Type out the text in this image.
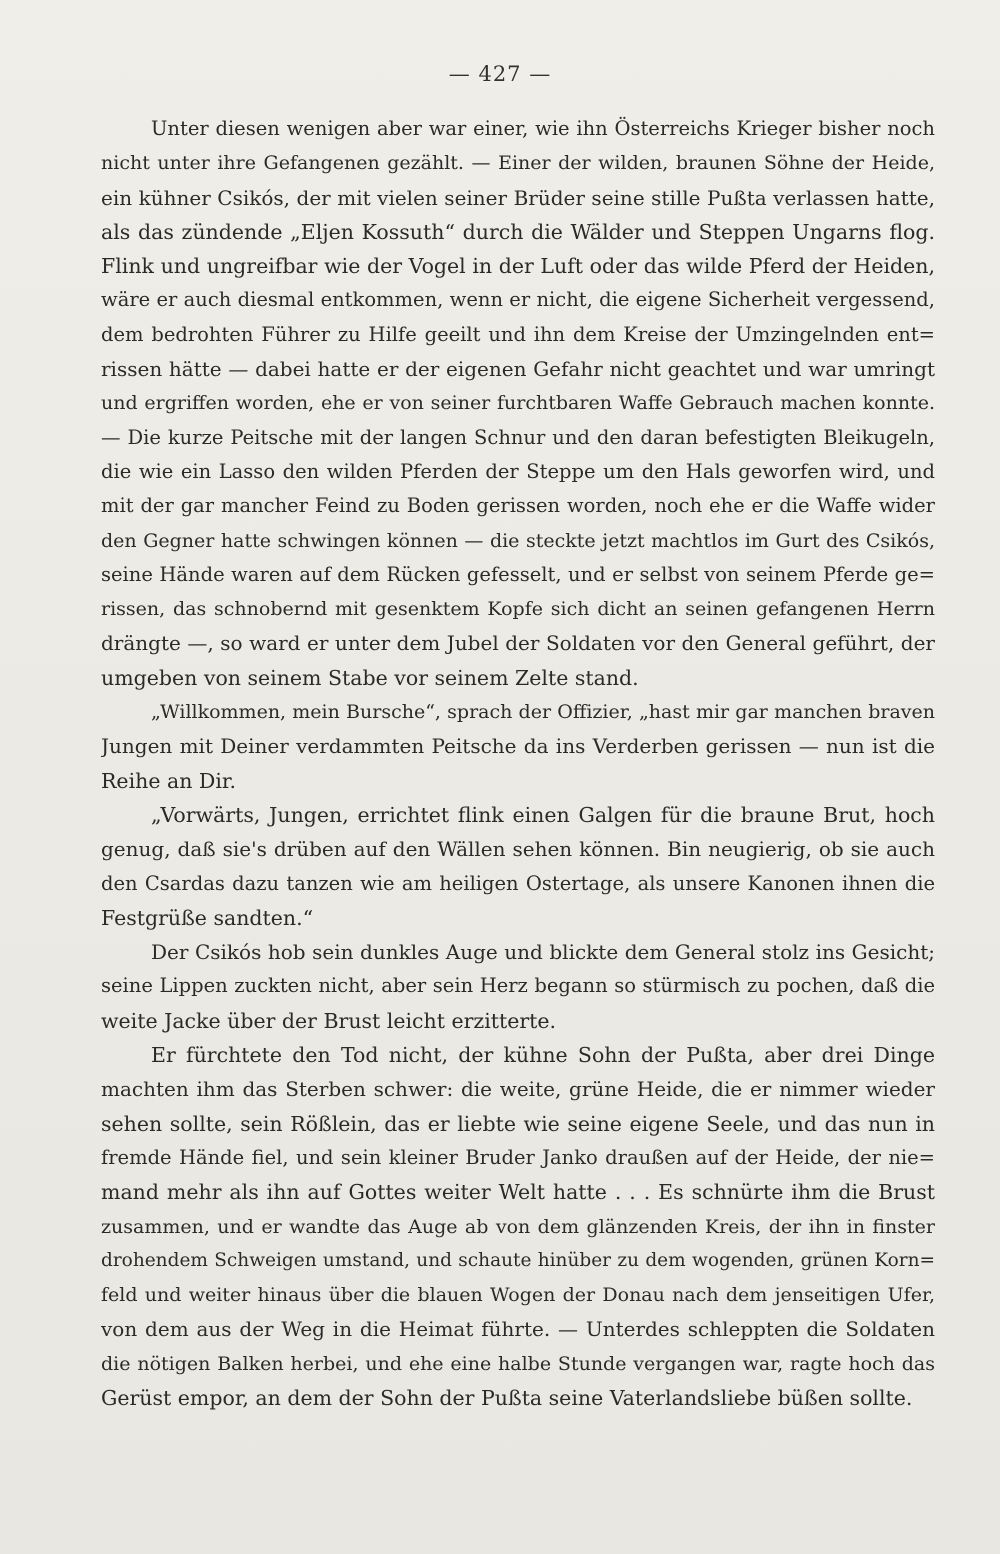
— 427 —

Unter diesen wenigen aber war einer, wie ihn Österreichs Krieger bisher noch
nicht unter ihre Gefangenen gezählt. — Einer der wilden, braunen Söhne der Heide,
ein kühner Csikós, der mit vielen seiner Brüder seine stille Pußta verlassen hatte,
als das zündende „Eljen Kossuth“ durch die Wälder und Steppen Ungarns flog.
Flink und ungreifbar wie der Vogel in der Luft oder das wilde Pferd der Heiden,
wäre er auch diesmal entkommen, wenn er nicht, die eigene Sicherheit vergessend,
dem bedrohten Führer zu Hilfe geeilt und ihn dem Kreise der Umzingelnden ent=
rissen hätte — dabei hatte er der eigenen Gefahr nicht geachtet und war umringt
und ergriffen worden, ehe er von seiner furchtbaren Waffe Gebrauch machen konnte.
— Die kurze Peitsche mit der langen Schnur und den daran befestigten Bleikugeln,
die wie ein Lasso den wilden Pferden der Steppe um den Hals geworfen wird, und
mit der gar mancher Feind zu Boden gerissen worden, noch ehe er die Waffe wider
den Gegner hatte schwingen können — die steckte jetzt machtlos im Gurt des Csikós,
seine Hände waren auf dem Rücken gefesselt, und er selbst von seinem Pferde ge=
rissen, das schnobernd mit gesenktem Kopfe sich dicht an seinen gefangenen Herrn
drängte —, so ward er unter dem Jubel der Soldaten vor den General geführt, der
umgeben von seinem Stabe vor seinem Zelte stand.

„Willkommen, mein Bursche“, sprach der Offizier, „hast mir gar manchen braven
Jungen mit Deiner verdammten Peitsche da ins Verderben gerissen — nun ist die
Reihe an Dir.

„Vorwärts, Jungen, errichtet flink einen Galgen für die braune Brut, hoch
genug, daß sie's drüben auf den Wällen sehen können. Bin neugierig, ob sie auch
den Csardas dazu tanzen wie am heiligen Ostertage, als unsere Kanonen ihnen die
Festgrüße sandten.“

Der Csikós hob sein dunkles Auge und blickte dem General stolz ins Gesicht;
seine Lippen zuckten nicht, aber sein Herz begann so stürmisch zu pochen, daß die
weite Jacke über der Brust leicht erzitterte.

Er fürchtete den Tod nicht, der kühne Sohn der Pußta, aber drei Dinge
machten ihm das Sterben schwer: die weite, grüne Heide, die er nimmer wieder
sehen sollte, sein Rößlein, das er liebte wie seine eigene Seele, und das nun in
fremde Hände fiel, und sein kleiner Bruder Janko draußen auf der Heide, der nie=
mand mehr als ihn auf Gottes weiter Welt hatte . . . Es schnürte ihm die Brust
zusammen, und er wandte das Auge ab von dem glänzenden Kreis, der ihn in finster
drohendem Schweigen umstand, und schaute hinüber zu dem wogenden, grünen Korn=
feld und weiter hinaus über die blauen Wogen der Donau nach dem jenseitigen Ufer,
von dem aus der Weg in die Heimat führte. — Unterdes schleppten die Soldaten
die nötigen Balken herbei, und ehe eine halbe Stunde vergangen war, ragte hoch das
Gerüst empor, an dem der Sohn der Pußta seine Vaterlandsliebe büßen sollte.
